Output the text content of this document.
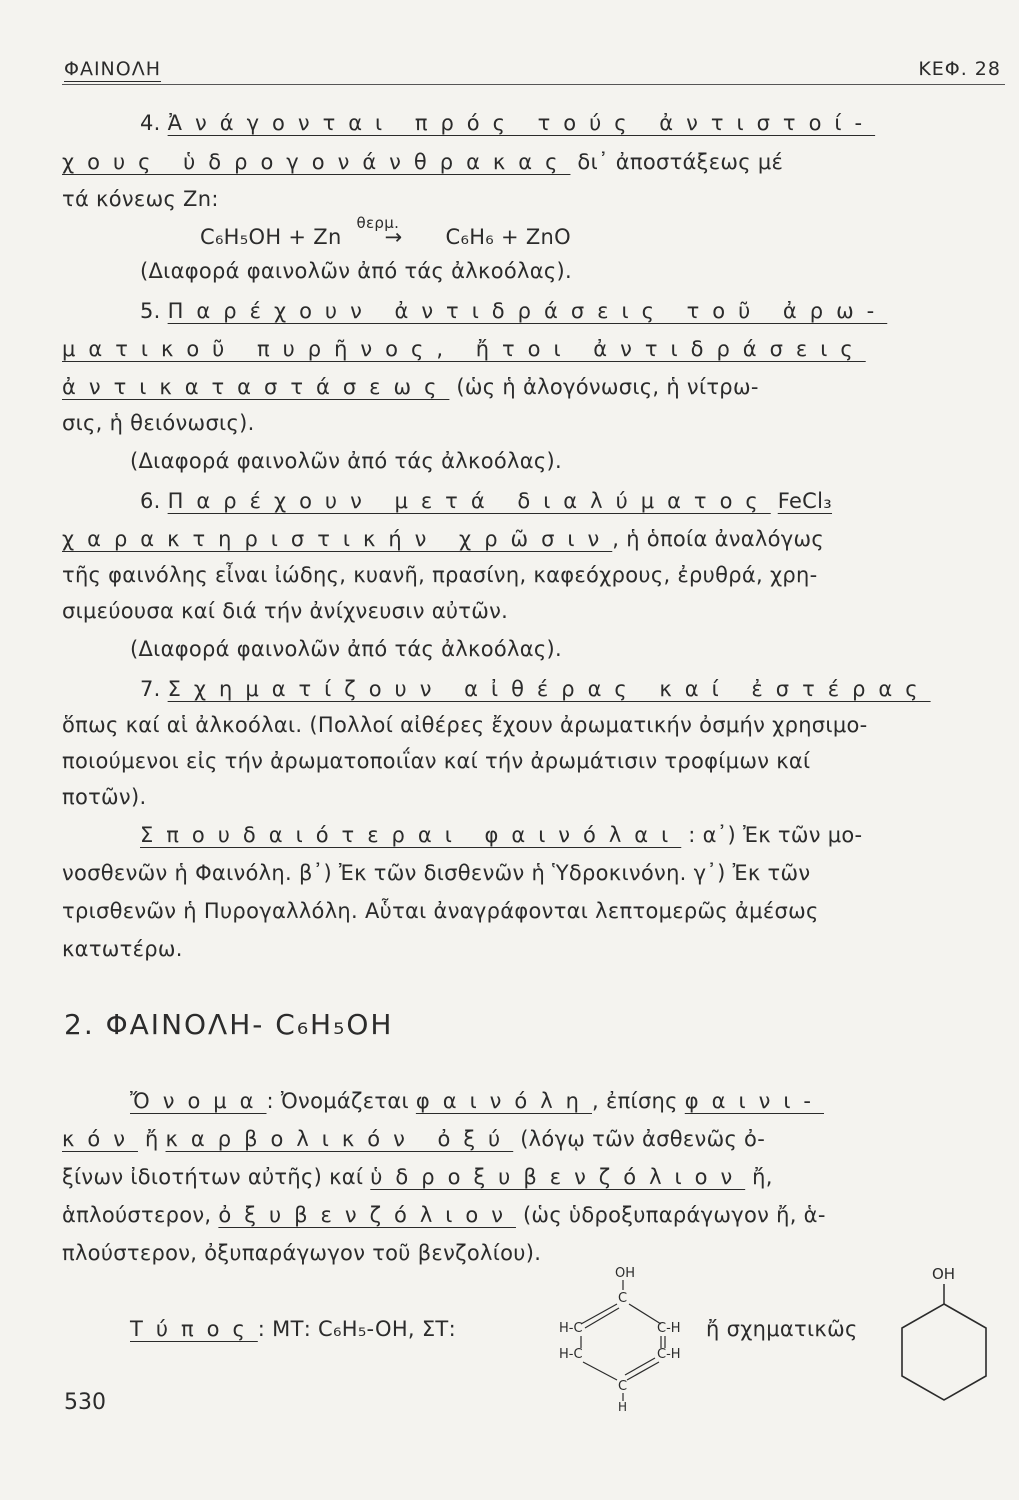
ΦΑΙΝΟΛΗ	ΚΕΦ. 28
4. Ἀνάγονται πρός τούς ἀντιστοί-
χους ὑδρογονάνθρακας δι᾽ ἀποστάξεως μέ
τά κόνεως Zn:
C₆H₅OH + Zn
θερμ.
→ C₆H₆ + ZnO
(Διαφορά φαινολῶν ἀπό τάς ἀλκοόλας).
5. Παρέχουν ἀντιδράσεις τοῦ ἀρω-
ματικοῦ πυρῆνος, ἤτοι ἀντιδράσεις
ἀντικαταστάσεως (ὡς ἡ ἀλογόνωσις, ἡ νίτρω-
σις, ἡ θειόνωσις).
(Διαφορά φαινολῶν ἀπό τάς ἀλκοόλας).
6. Παρέχουν μετά διαλύματος FeCl₃
χαρακτηριστικήν χρῶσιν, ἡ ὁποία ἀναλόγως
τῆς φαινόλης εἶναι ἰώδης, κυανῆ, πρασίνη, καφεόχρους, ἐρυθρά, χρη-
σιμεύουσα καί διά τήν ἀνίχνευσιν αὐτῶν.
(Διαφορά φαινολῶν ἀπό τάς ἀλκοόλας).
7. Σχηματίζουν αἰθέρας καί ἐστέρας
ὅπως καί αἱ ἀλκοόλαι. (Πολλοί αἰθέρες ἔχουν ἀρωματικήν ὀσμήν χρησιμο-
ποιούμενοι εἰς τήν ἀρωματοποιΐαν καί τήν ἀρωμάτισιν τροφίμων καί
ποτῶν).
Σπουδαιότεραι φαινόλαι : α᾽) Ἐκ τῶν μο-
νοσθενῶν ἡ Φαινόλη. β᾽) Ἐκ τῶν δισθενῶν ἡ Ὑδροκινόνη. γ᾽) Ἐκ τῶν
τρισθενῶν ἡ Πυρογαλλόλη. Αὗται ἀναγράφονται λεπτομερῶς ἀμέσως
κατωτέρω.
2. ΦΑΙΝΟΛΗ- C₆H₅OH
Ὄνομα: Ὀνομάζεται φαινόλη, ἐπίσης φαινι-
κόν ἤ καρβολικόν ὀξύ (λόγῳ τῶν ἀσθενῶς ὀ-
ξίνων ἰδιοτήτων αὐτῆς) καί ὑδροξυβενζόλιον ἤ,
ἁπλούστερον, ὀξυβενζόλιον (ὡς ὑδροξυπαράγωγον ἤ, ἁ-
πλούστερον, ὀξυπαράγωγον τοῦ βενζολίου).
Τύπος: ΜΤ: C₆H₅-OH, ΣΤ:
OH
C
H-C
H-C
C-H
C-H
C
H
ἤ σχηματικῶς
OH
530
